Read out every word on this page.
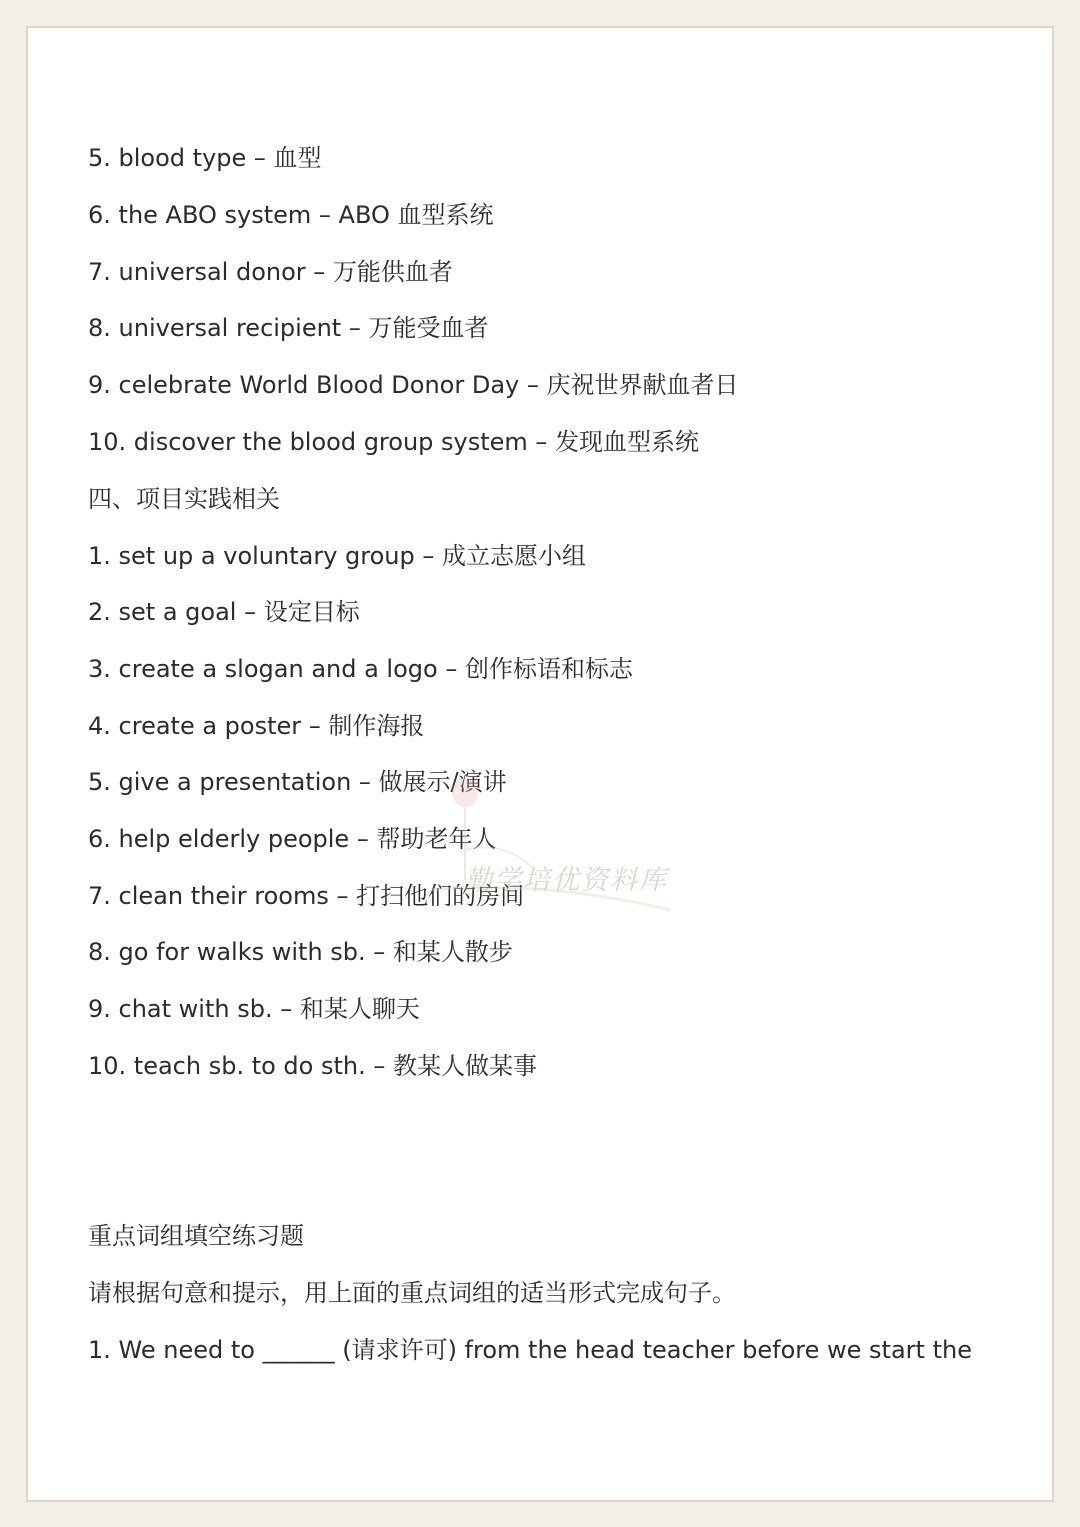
5. blood type – 血型
6. the ABO system – ABO 血型系统
7. universal donor – 万能供血者
8. universal recipient – 万能受血者
9. celebrate World Blood Donor Day – 庆祝世界献血者日
10. discover the blood group system – 发现血型系统
四、项目实践相关
1. set up a voluntary group – 成立志愿小组
2. set a goal – 设定目标
3. create a slogan and a logo – 创作标语和标志
4. create a poster – 制作海报
5. give a presentation – 做展示/演讲
6. help elderly people – 帮助老年人
7. clean their rooms – 打扫他们的房间
8. go for walks with sb. – 和某人散步
9. chat with sb. – 和某人聊天
10. teach sb. to do sth. – 教某人做某事
重点词组填空练习题
请根据句意和提示，用上面的重点词组的适当形式完成句子。
1. We need to ______ (请求许可) from the head teacher before we start the
勤学培优资料库
